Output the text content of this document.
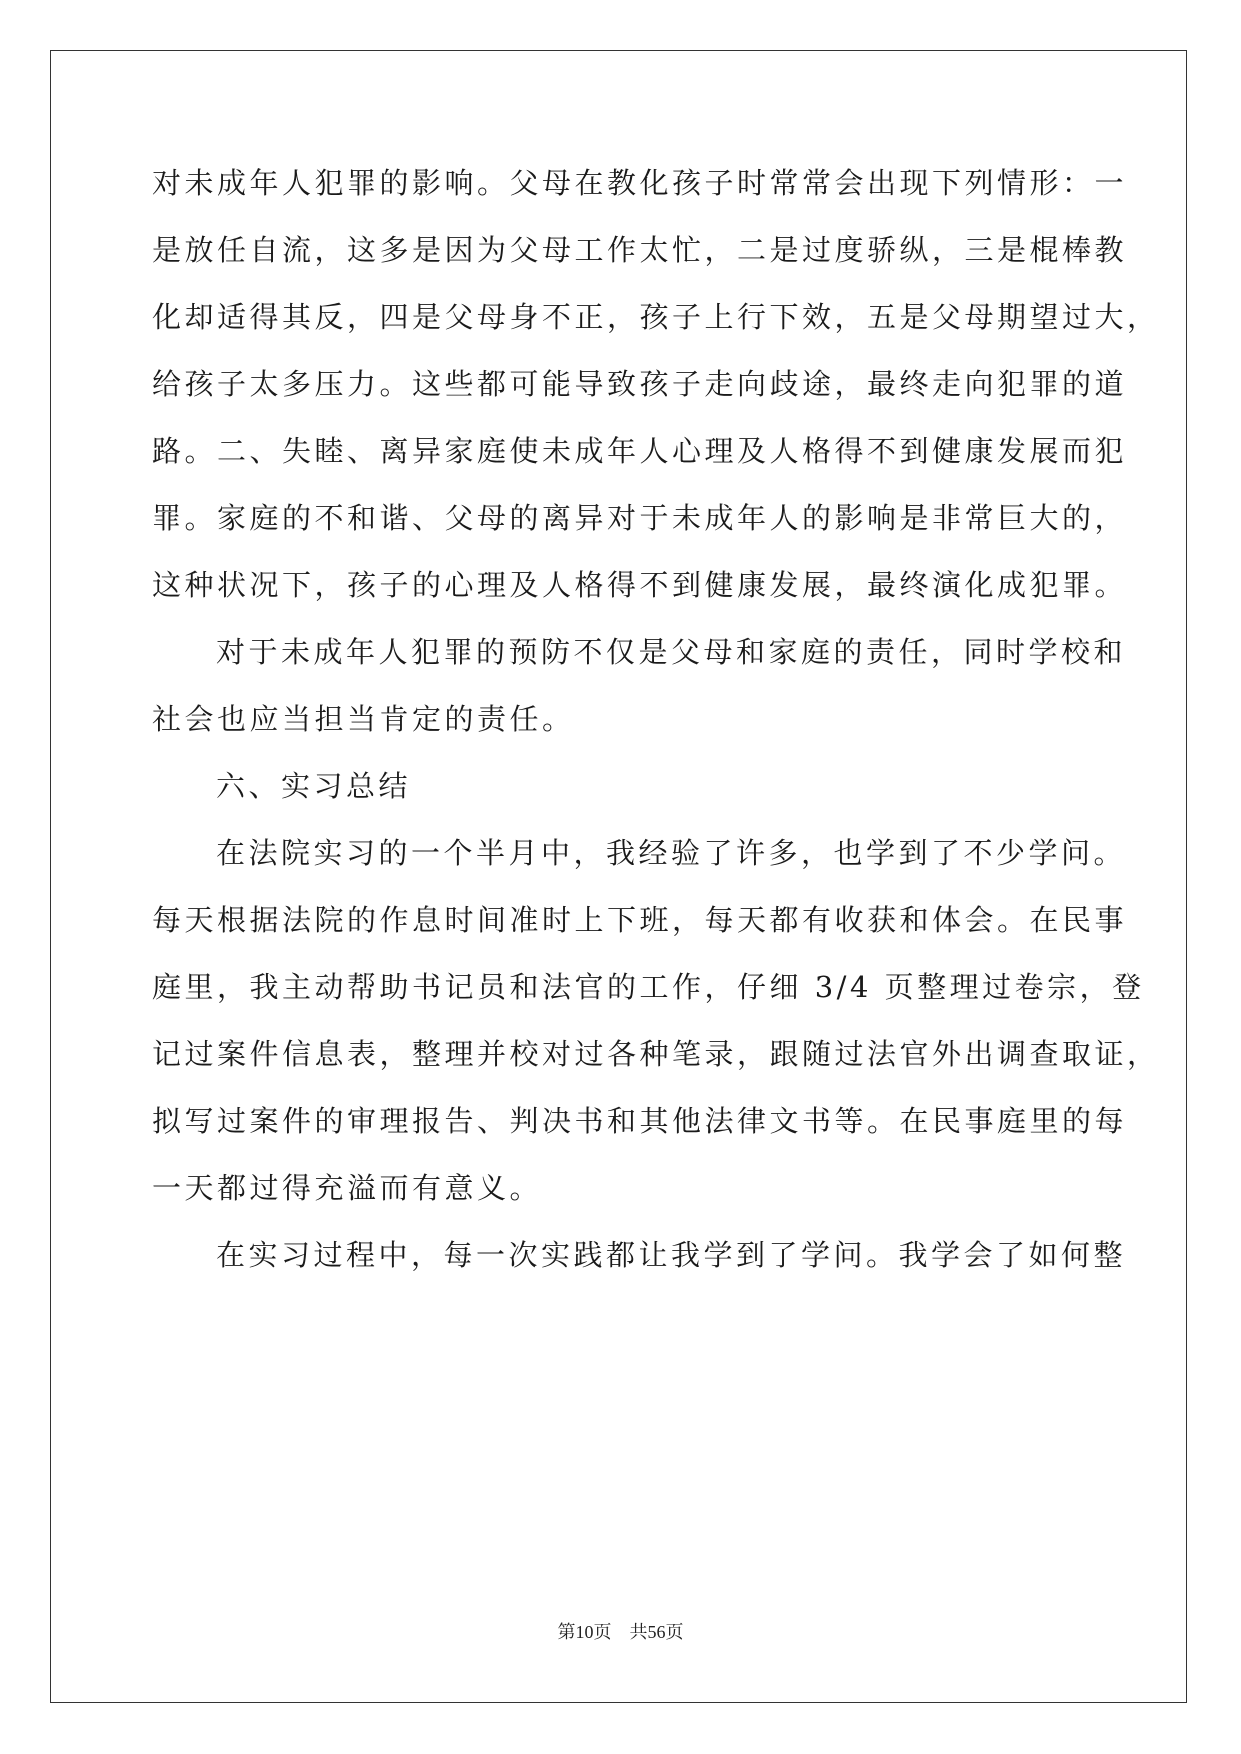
对未成年人犯罪的影响。父母在教化孩子时常常会出现下列情形：一
是放任自流，这多是因为父母工作太忙，二是过度骄纵，三是棍棒教
化却适得其反，四是父母身不正，孩子上行下效，五是父母期望过大，
给孩子太多压力。这些都可能导致孩子走向歧途，最终走向犯罪的道
路。二、失睦、离异家庭使未成年人心理及人格得不到健康发展而犯
罪。家庭的不和谐、父母的离异对于未成年人的影响是非常巨大的，
这种状况下，孩子的心理及人格得不到健康发展，最终演化成犯罪。
对于未成年人犯罪的预防不仅是父母和家庭的责任，同时学校和
社会也应当担当肯定的责任。
六、实习总结
在法院实习的一个半月中，我经验了许多，也学到了不少学问。
每天根据法院的作息时间准时上下班，每天都有收获和体会。在民事
庭里，我主动帮助书记员和法官的工作，仔细 3/4 页整理过卷宗，登
记过案件信息表，整理并校对过各种笔录，跟随过法官外出调查取证，
拟写过案件的审理报告、判决书和其他法律文书等。在民事庭里的每
一天都过得充溢而有意义。
在实习过程中，每一次实践都让我学到了学问。我学会了如何整
第10页 共56页
